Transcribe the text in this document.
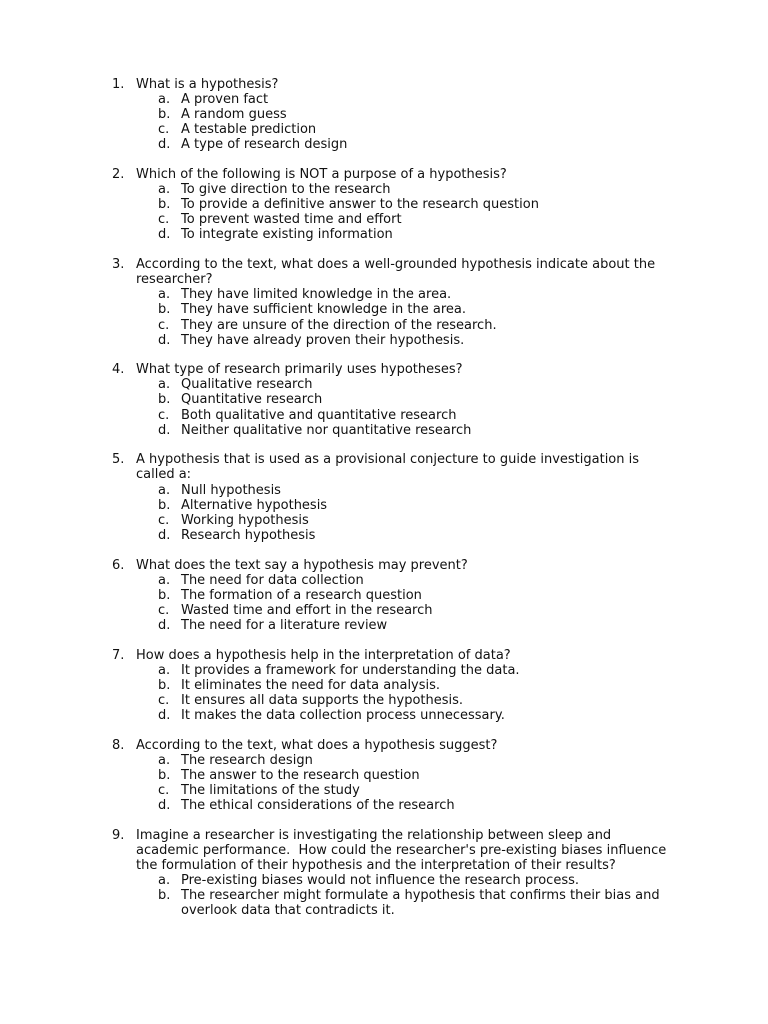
1. What is a hypothesis?
a. A proven fact
b. A random guess
c. A testable prediction
d. A type of research design
2. Which of the following is NOT a purpose of a hypothesis?
a. To give direction to the research
b. To provide a definitive answer to the research question
c. To prevent wasted time and effort
d. To integrate existing information
3. According to the text, what does a well-grounded hypothesis indicate about the researcher?
a. They have limited knowledge in the area.
b. They have sufficient knowledge in the area.
c. They are unsure of the direction of the research.
d. They have already proven their hypothesis.
4. What type of research primarily uses hypotheses?
a. Qualitative research
b. Quantitative research
c. Both qualitative and quantitative research
d. Neither qualitative nor quantitative research
5. A hypothesis that is used as a provisional conjecture to guide investigation is called a:
a. Null hypothesis
b. Alternative hypothesis
c. Working hypothesis
d. Research hypothesis
6. What does the text say a hypothesis may prevent?
a. The need for data collection
b. The formation of a research question
c. Wasted time and effort in the research
d. The need for a literature review
7. How does a hypothesis help in the interpretation of data?
a. It provides a framework for understanding the data.
b. It eliminates the need for data analysis.
c. It ensures all data supports the hypothesis.
d. It makes the data collection process unnecessary.
8. According to the text, what does a hypothesis suggest?
a. The research design
b. The answer to the research question
c. The limitations of the study
d. The ethical considerations of the research
9. Imagine a researcher is investigating the relationship between sleep and academic performance.  How could the researcher's pre-existing biases influence the formulation of their hypothesis and the interpretation of their results?
a. Pre-existing biases would not influence the research process.
b. The researcher might formulate a hypothesis that confirms their bias and overlook data that contradicts it.
